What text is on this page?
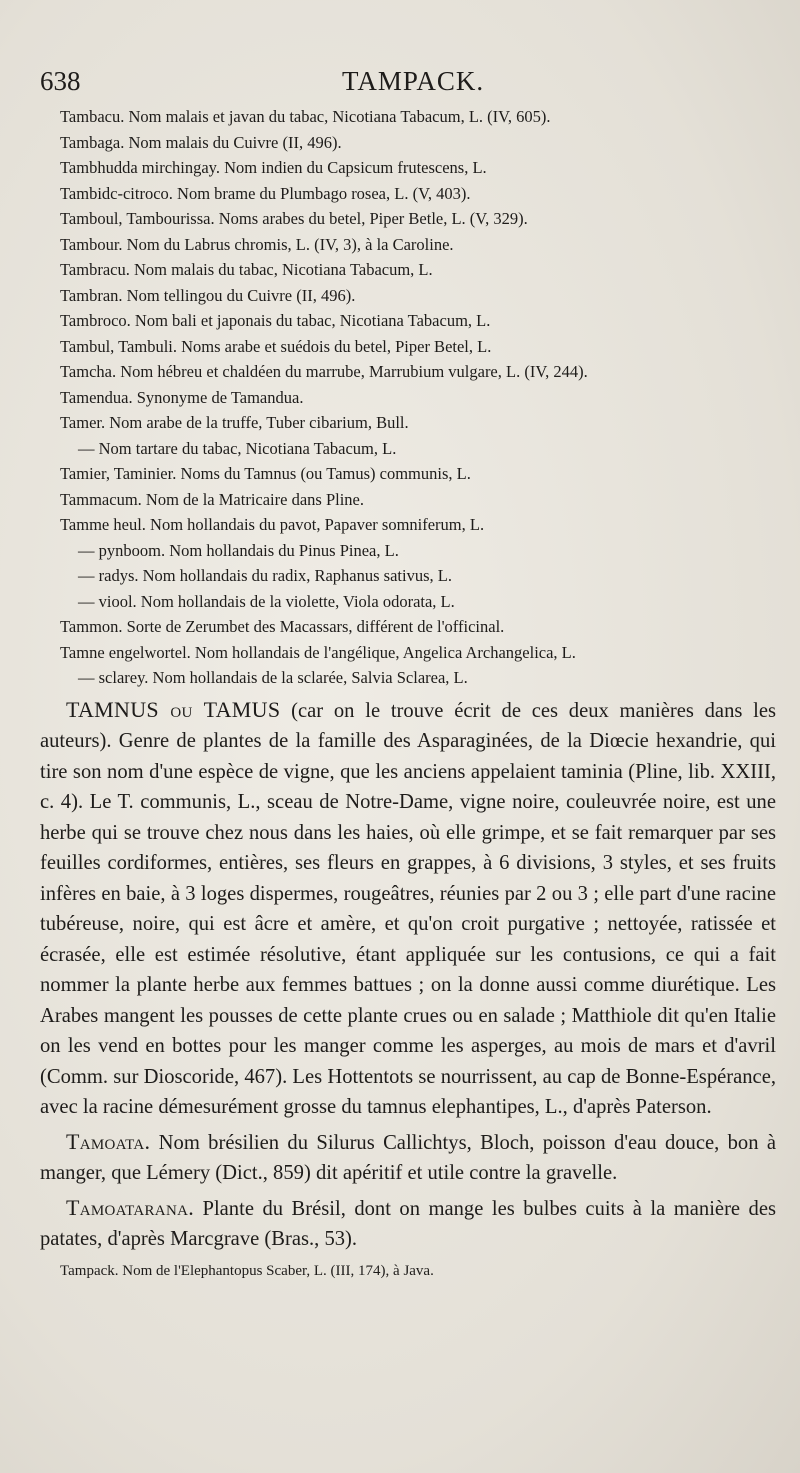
638	TAMPACK.
Tambacu. Nom malais et javan du tabac, Nicotiana Tabacum, L. (IV, 605).
Tambaga. Nom malais du Cuivre (II, 496).
Tambhudda mirchingay. Nom indien du Capsicum frutescens, L.
Tambidc-citroco. Nom brame du Plumbago rosea, L. (V, 403).
Tamboul, Tambourissa. Noms arabes du betel, Piper Betle, L. (V, 329).
Tambour. Nom du Labrus chromis, L. (IV, 3), à la Caroline.
Tambracu. Nom malais du tabac, Nicotiana Tabacum, L.
Tambran. Nom tellingou du Cuivre (II, 496).
Tambroco. Nom bali et japonais du tabac, Nicotiana Tabacum, L.
Tambul, Tambuli. Noms arabe et suédois du betel, Piper Betel, L.
Tamcha. Nom hébreu et chaldéen du marrube, Marrubium vulgare, L. (IV, 244).
Tamendua. Synonyme de Tamandua.
Tamer. Nom arabe de la truffe, Tuber cibarium, Bull.
— Nom tartare du tabac, Nicotiana Tabacum, L.
Tamier, Taminier. Noms du Tamnus (ou Tamus) communis, L.
Tammacum. Nom de la Matricaire dans Pline.
Tamme heul. Nom hollandais du pavot, Papaver somniferum, L.
— pynboom. Nom hollandais du Pinus Pinea, L.
— radys. Nom hollandais du radix, Raphanus sativus, L.
— viool. Nom hollandais de la violette, Viola odorata, L.
Tammon. Sorte de Zerumbet des Macassars, différent de l'officinal.
Tamne engelwortel. Nom hollandais de l'angélique, Angelica Archangelica, L.
— sclarey. Nom hollandais de la sclarée, Salvia Sclarea, L.

TAMNUS ou TAMUS (car on le trouve écrit de ces deux manières dans les auteurs). Genre de plantes de la famille des Asparaginées, de la Diœcie hexandrie, qui tire son nom d'une espèce de vigne, que les anciens appelaient taminia (Pline, lib. XXIII, c. 4). Le T. communis, L., sceau de Notre-Dame, vigne noire, couleuvrée noire, est une herbe qui se trouve chez nous dans les haies, où elle grimpe, et se fait remarquer par ses feuilles cordiformes, entières, ses fleurs en grappes, à 6 divisions, 3 styles, et ses fruits infères en baie, à 3 loges dispermes, rougeâtres, réunies par 2 ou 3 ; elle part d'une racine tubéreuse, noire, qui est âcre et amère, et qu'on croit purgative ; nettoyée, ratissée et écrasée, elle est estimée résolutive, étant appliquée sur les contusions, ce qui a fait nommer la plante herbe aux femmes battues ; on la donne aussi comme diurétique. Les Arabes mangent les pousses de cette plante crues ou en salade ; Matthiole dit qu'en Italie on les vend en bottes pour les manger comme les asperges, au mois de mars et d'avril (Comm. sur Dioscoride, 467). Les Hottentots se nourrissent, au cap de Bonne-Espérance, avec la racine démesurément grosse du tamnus elephantipes, L., d'après Paterson.

Tamoata. Nom brésilien du Silurus Callichtys, Bloch, poisson d'eau douce, bon à manger, que Lémery (Dict., 859) dit apéritif et utile contre la gravelle.

Tamoatarana. Plante du Brésil, dont on mange les bulbes cuits à la manière des patates, d'après Marcgrave (Bras., 53).

Tampack. Nom de l'Elephantopus Scaber, L. (III, 174), à Java.
